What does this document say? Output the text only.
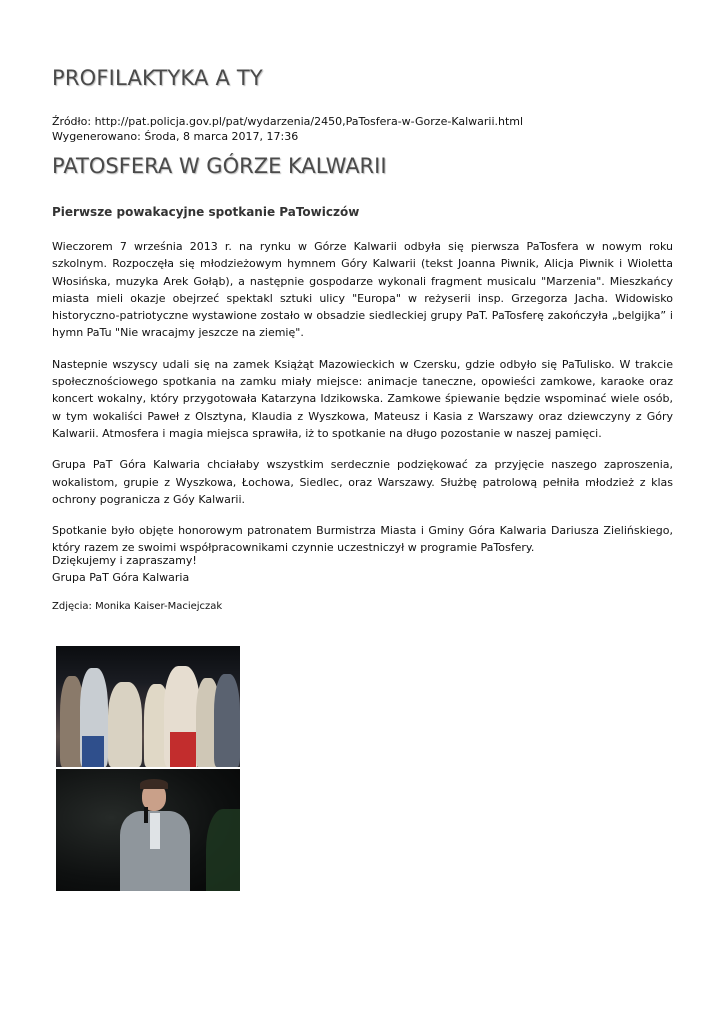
PROFILAKTYKA A TY
Źródło: http://pat.policja.gov.pl/pat/wydarzenia/2450,PaTosfera-w-Gorze-Kalwarii.html
Wygenerowano: Środa, 8 marca 2017, 17:36
PATOSFERA W GÓRZE KALWARII
Pierwsze powakacyjne spotkanie PaTowiczów

Wieczorem 7 września 2013 r. na rynku w Górze Kalwarii odbyła się pierwsza PaTosfera w nowym roku szkolnym. Rozpoczęła się młodzieżowym hymnem Góry Kalwarii (tekst Joanna Piwnik, Alicja Piwnik i Wioletta Włosińska, muzyka Arek Gołąb), a następnie gospodarze wykonali fragment musicalu "Marzenia". Mieszkańcy miasta mieli okazje obejrzeć spektakl sztuki ulicy "Europa" w reżyserii insp. Grzegorza Jacha. Widowisko historyczno-patriotyczne wystawione zostało w obsadzie siedleckiej grupy PaT. PaTosferę zakończyła „belgijka” i hymn PaTu "Nie wracajmy jeszcze na ziemię".

Nastepnie wszyscy udali się na zamek Książąt Mazowieckich w Czersku, gdzie odbyło się PaTulisko. W trakcie społecznościowego spotkania na zamku miały miejsce: animacje taneczne, opowieści zamkowe, karaoke oraz koncert wokalny, który przygotowała Katarzyna Idzikowska. Zamkowe śpiewanie będzie wspominać wiele osób, w tym wokaliści Paweł z Olsztyna, Klaudia z Wyszkowa, Mateusz i Kasia z Warszawy oraz dziewczyny z Góry Kalwarii. Atmosfera i magia miejsca sprawiła, iż to spotkanie na długo pozostanie w naszej pamięci.

Grupa PaT Góra Kalwaria chciałaby wszystkim serdecznie podziękować za przyjęcie naszego zaproszenia, wokalistom, grupie z Wyszkowa, Łochowa, Siedlec, oraz Warszawy. Służbę patrolową pełniła młodzież z klas ochrony pogranicza z Góy Kalwarii.

Spotkanie było objęte honorowym patronatem Burmistrza Miasta i Gminy Góra Kalwaria Dariusza Zielińskiego, który razem ze swoimi współpracownikami czynnie uczestniczył w programie PaTosfery.

Dziękujemy i zapraszamy!
Grupa PaT Góra Kalwaria
Zdjęcia: Monika Kaiser-Maciejczak
